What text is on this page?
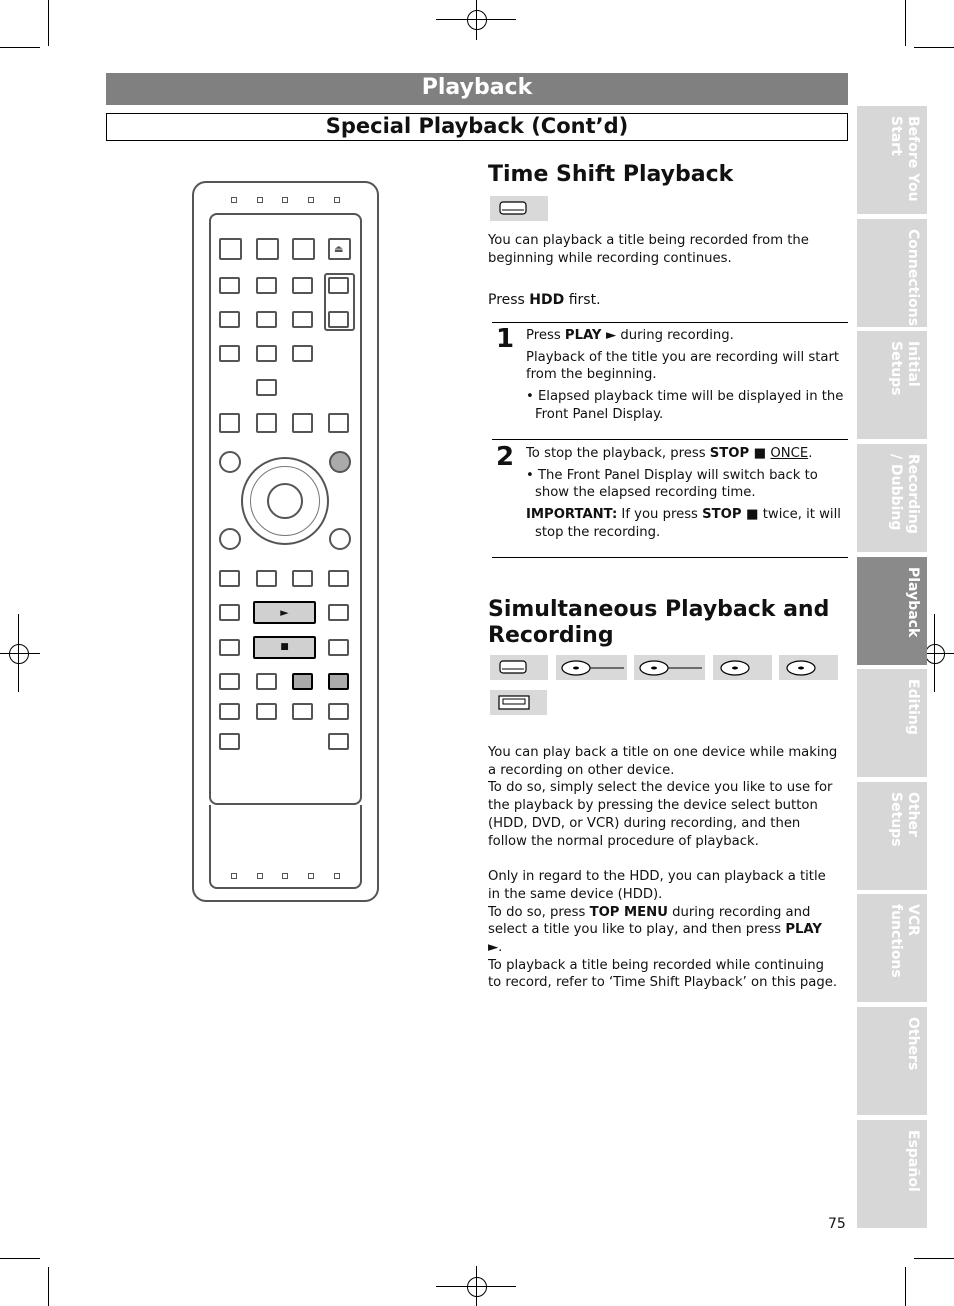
Playback
Special Playback (Cont’d)	Before You Start
Connections
Initial Setups
Recording / Dubbing
Playback
Editing
Other Setups
VCR functions
Others
Español
⏏
►
■
Time Shift Playback
You can playback a title being recorded from the beginning while recording continues.
Press HDD first.
1 Press PLAY ► during recording.
Playback of the title you are recording will start from the beginning.
• Elapsed playback time will be displayed in the Front Panel Display.
2 To stop the playback, press STOP ■ ONCE.
• The Front Panel Display will switch back to show the elapsed recording time.
IMPORTANT: If you press STOP ■ twice, it will stop the recording.
Simultaneous Playback and
Recording
You can play back a title on one device while making a recording on other device.
To do so, simply select the device you like to use for the playback by pressing the device select button (HDD, DVD, or VCR) during recording, and then follow the normal procedure of playback.
Only in regard to the HDD, you can playback a title in the same device (HDD).
To do so, press TOP MENU during recording and select a title you like to play, and then press PLAY ►.
To playback a title being recorded while continuing to record, refer to ‘Time Shift Playback’ on this page.
75
